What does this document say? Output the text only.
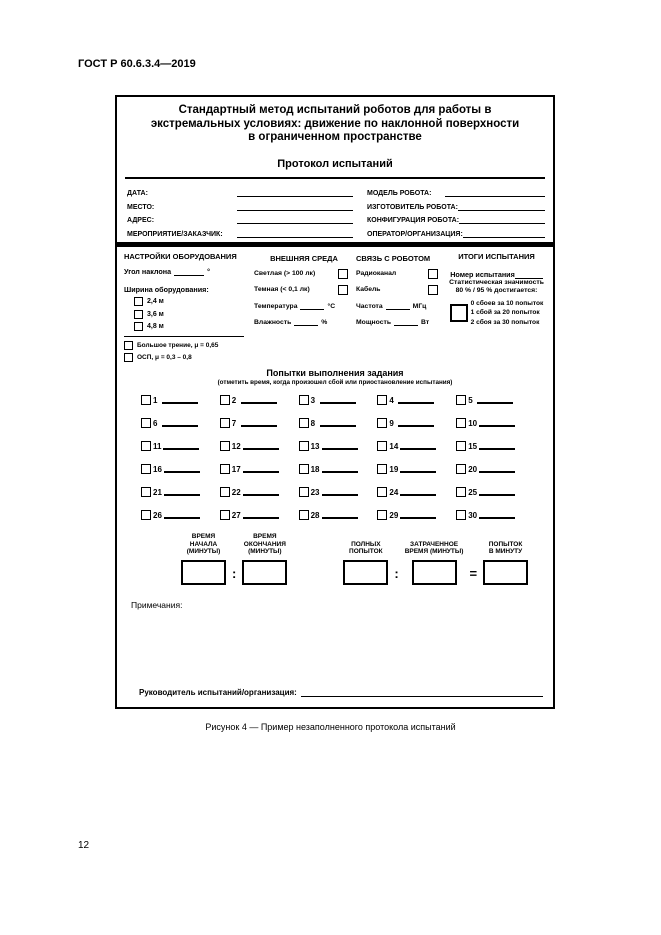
ГОСТ Р 60.6.3.4—2019
Стандартный метод испытаний роботов для работы в
экстремальных условиях: движение по наклонной поверхности
в ограниченном пространстве
Протокол испытаний
ДАТА:	МОДЕЛЬ РОБОТА:
МЕСТО:	ИЗГОТОВИТЕЛЬ РОБОТА:
АДРЕС:	КОНФИГУРАЦИЯ РОБОТА:
МЕРОПРИЯТИЕ/ЗАКАЗЧИК:	ОПЕРАТОР/ОРГАНИЗАЦИЯ:
НАСТРОЙКИ ОБОРУДОВАНИЯ
Угол наклона	°
Ширина оборудования:
2,4 м
3,6 м
4,8 м
Большое трение, μ = 0,65
ОСП, μ = 0,3 – 0,8
ВНЕШНЯЯ СРЕДА
Светлая (> 100 лк)
Темная (< 0,1 лк)
Температура	°C
Влажность	%
СВЯЗЬ С РОБОТОМ
Радиоканал
Кабель
Частота	МГц
Мощность	Вт
ИТОГИ ИСПЫТАНИЯ
Номер испытания
Статистическая значимость
80 % / 95 % достигается:
0 сбоев за 10 попыток
1 сбой за 20 попыток
2 сбоя за 30 попыток
Попытки выполнения задания
(отметить время, когда произошел сбой или приостановление испытания)
1	2	3	4	5
6	7	8	9	10
11	12	13	14	15
16	17	18	19	20
21	22	23	24	25
26	27	28	29	30
ВРЕМЯ
НАЧАЛА
(МИНУТЫ)
:
ВРЕМЯ
ОКОНЧАНИЯ
(МИНУТЫ)
ПОЛНЫХ
ПОПЫТОК
:
ЗАТРАЧЕННОЕ
ВРЕМЯ (МИНУТЫ)
=
ПОПЫТОК
В МИНУТУ
Примечания:
Руководитель испытаний/организация:
Рисунок 4 — Пример незаполненного протокола испытаний
12
